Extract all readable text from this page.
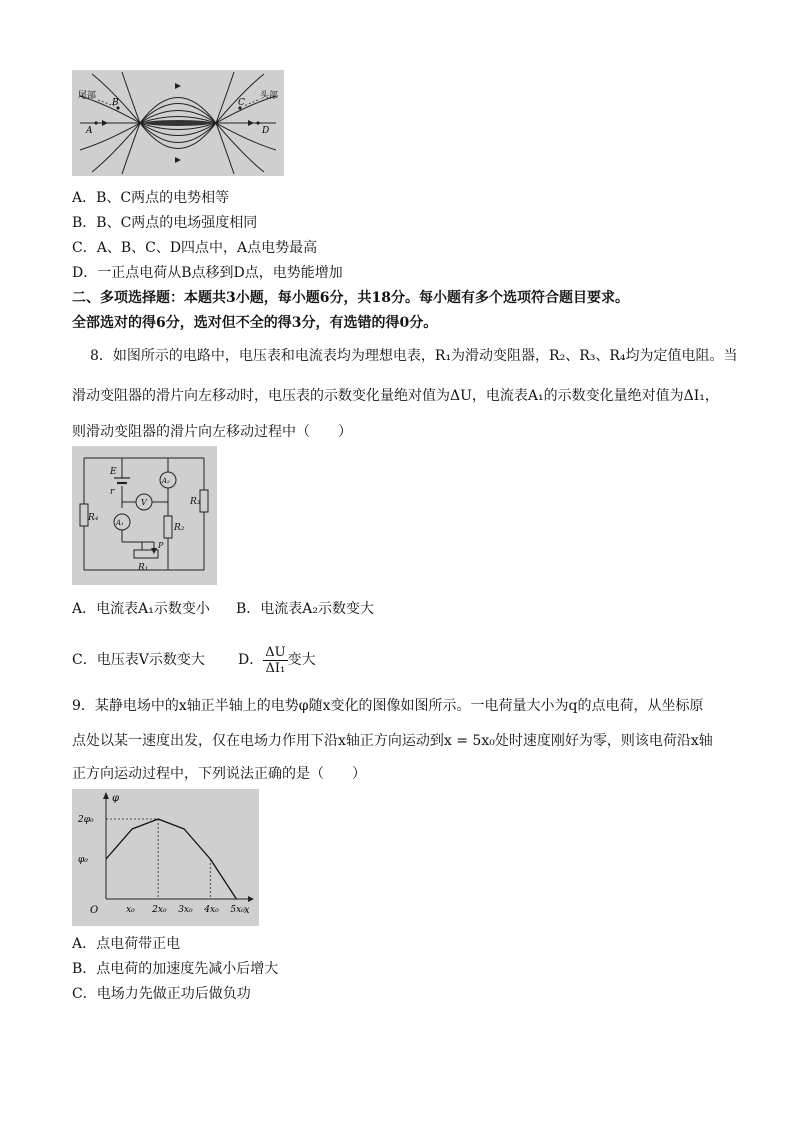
尾部	头部
A
B	C
D
A．B、C两点的电势相等
B．B、C两点的电场强度相同
C．A、B、C、D四点中，A点电势最高
D．一正点电荷从B点移到D点，电势能增加
二、多项选择题：本题共3小题，每小题6分，共18分。每小题有多个选项符合题目要求。
全部选对的得6分，选对但不全的得3分，有选错的得0分。
8．如图所示的电路中，电压表和电流表均为理想电表，R₁为滑动变阻器，R₂、R₃、R₄均为定值电阻。当
滑动变阻器的滑片向左移动时，电压表的示数变化量绝对值为ΔU，电流表A₁的示数变化量绝对值为ΔI₁，
则滑动变阻器的滑片向左移动过程中（　　）
E
r
A₂
V
A₁
R₄
R₃
R₂
R₁
P
A．电流表A₁示数变小 B．电流表A₂示数变大
C．电压表V示数变大 D． $\frac{\Delta U}{\text{ΔI₁}}$ 变大
9．某静电场中的x轴正半轴上的电势φ随x变化的图像如图所示。一电荷量大小为q的点电荷，从坐标原
点处以某一速度出发，仅在电场力作用下沿x轴正方向运动到x = 5x₀处时速度刚好为零，则该电荷沿x轴
正方向运动过程中，下列说法正确的是（　　）
φ
x
O	x₀ 2x₀ 3x₀ 4x₀ 5x₀
φ₀
2φ₀
A．点电荷带正电
B．点电荷的加速度先减小后增大
C．电场力先做正功后做负功
